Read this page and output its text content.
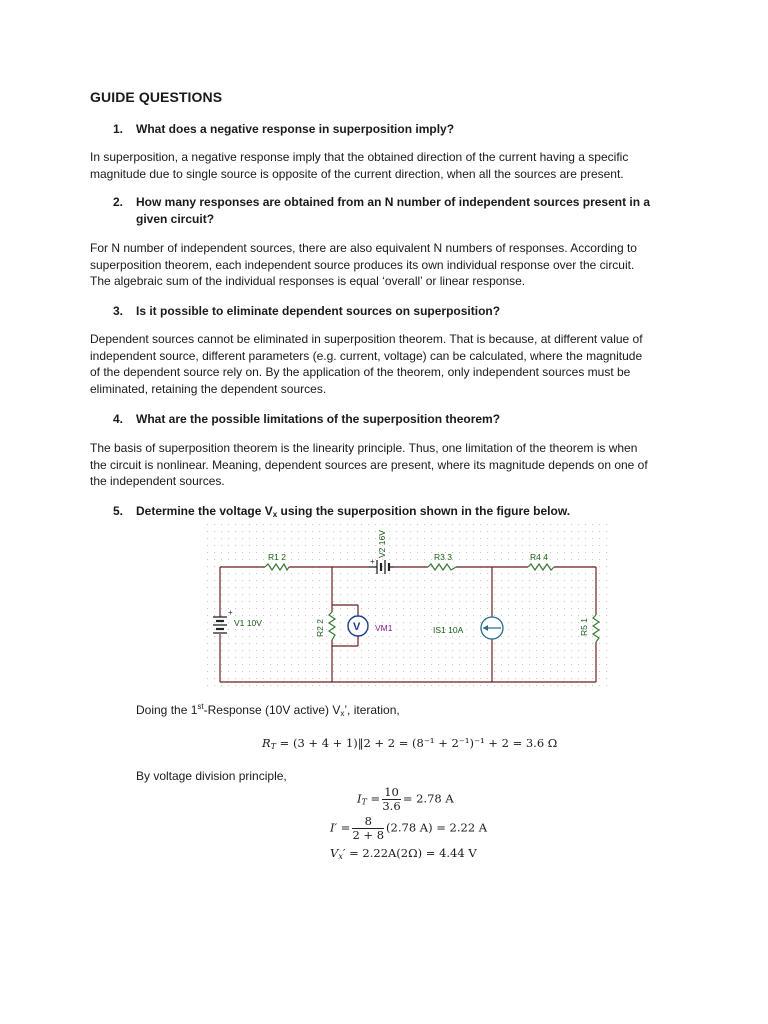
GUIDE QUESTIONS
1. What does a negative response in superposition imply?
In superposition, a negative response imply that the obtained direction of the current having a specific
magnitude due to single source is opposite of the current direction, when all the sources are present.
2. How many responses are obtained from an N number of independent sources present in a
given circuit?
For N number of independent sources, there are also equivalent N numbers of responses. According to
superposition theorem, each independent source produces its own individual response over the circuit.
The algebraic sum of the individual responses is equal ‘overall’ or linear response.
3. Is it possible to eliminate dependent sources on superposition?
Dependent sources cannot be eliminated in superposition theorem. That is because, at different value of
independent source, different parameters (e.g. current, voltage) can be calculated, where the magnitude
of the dependent source rely on. By the application of the theorem, only independent sources must be
eliminated, retaining the dependent sources.
4. What are the possible limitations of the superposition theorem?
The basis of superposition theorem is the linearity principle. Thus, one limitation of the theorem is when
the circuit is nonlinear. Meaning, dependent sources are present, where its magnitude depends on one of
the independent sources.
5. Determine the voltage $V_x$ using the superposition shown in the figure below.
R1 2	R3 3	R4 4
V2 16V
+
+
V1 10V	R2 2	V VM1	IS1 10A	R5 1
Doing the 1st-Response (10V active) $V_x$’, iteration,
$R_T = (3 + 4$ + 1)‖2 + 2 = (8⁻¹ + 2⁻¹)⁻¹ + 2 = 3.6 Ω
By voltage division principle,
$I_T = \frac{10}{3.6} = 2.78$ A
$I' = \frac{8}{2 + 8} (2.78$ A) = 2.22 A
$V_x' = 2.22A(2\Omega) = 4.44$ V
